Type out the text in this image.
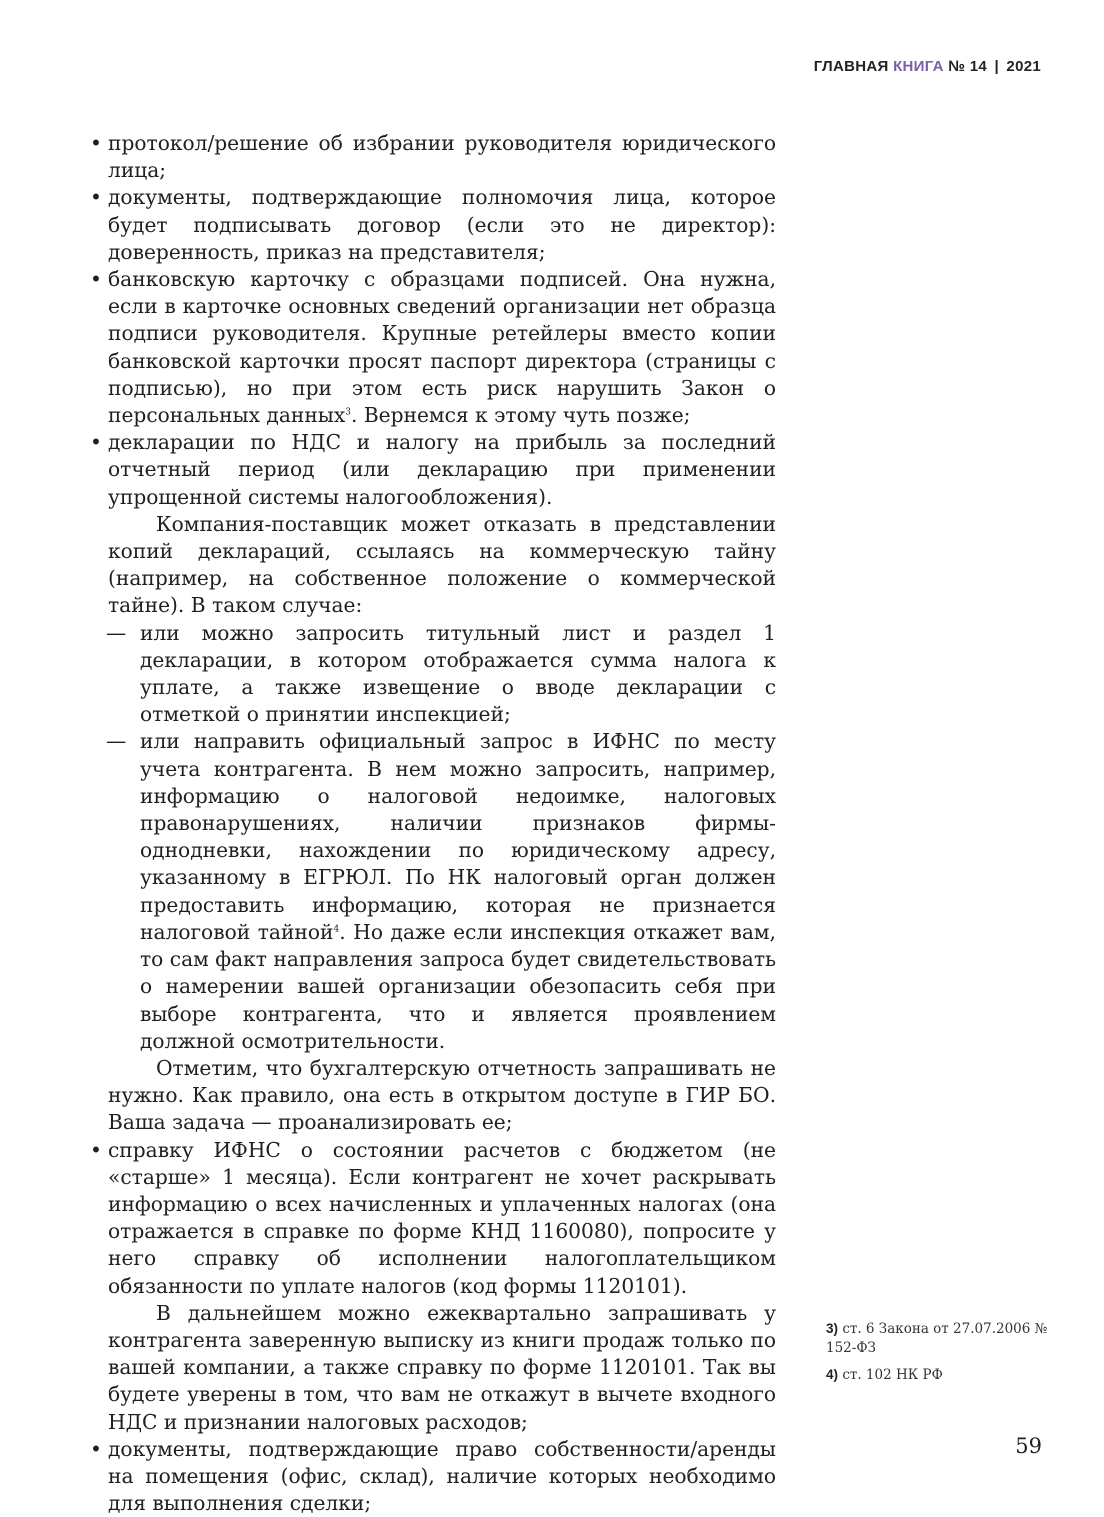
ГЛАВНАЯ КНИГА № 14 | 2021

• протокол/решение об избрании руководителя юридического лица;

• документы, подтверждающие полномочия лица, которое будет подписывать договор (если это не директор): доверенность, приказ на представителя;

• банковскую карточку с образцами подписей. Она нужна, если в карточке основных сведений организации нет образца подписи руководителя. Крупные ретейлеры вместо копии банковской карточки просят паспорт директора (страницы с подписью), но при этом есть риск нарушить Закон о персональных данных$^3$. Вернемся к этому чуть позже;

• декларации по НДС и налогу на прибыль за последний отчетный период (или декларацию при применении упрощенной системы налогообложения).

Компания-поставщик может отказать в представлении копий деклараций, ссылаясь на коммерческую тайну (например, на собственное положение о коммерческой тайне). В таком случае:

— или можно запросить титульный лист и раздел 1 декларации, в котором отображается сумма налога к уплате, а также извещение о вводе декларации с отметкой о принятии инспекцией;

— или направить официальный запрос в ИФНС по месту учета контрагента. В нем можно запросить, например, информацию о налоговой недоимке, налоговых правонарушениях, наличии признаков фирмы-однодневки, нахождении по юридическому адресу, указанному в ЕГРЮЛ. По НК налоговый орган должен предоставить информацию, которая не признается налоговой тайной$^4$. Но даже если инспекция откажет вам, то сам факт направления запроса будет свидетельствовать о намерении вашей организации обезопасить себя при выборе контрагента, что и является проявлением должной осмотрительности.

Отметим, что бухгалтерскую отчетность запрашивать не нужно. Как правило, она есть в открытом доступе в ГИР БО. Ваша задача — проанализировать ее;

• справку ИФНС о состоянии расчетов с бюджетом (не «старше» 1 месяца). Если контрагент не хочет раскрывать информацию о всех начисленных и уплаченных налогах (она отражается в справке по форме КНД 1160080), попросите у него справку об исполнении налогоплательщиком обязанности по уплате налогов (код формы 1120101).

В дальнейшем можно ежеквартально запрашивать у контрагента заверенную выписку из книги продаж только по вашей компании, а также справку по форме 1120101. Так вы будете уверены в том, что вам не откажут в вычете входного НДС и признании налоговых расходов;

• документы, подтверждающие право собственности/аренды на помещения (офис, склад), наличие которых необходимо для выполнения сделки;

3) ст. 6 Закона от 27.07.2006 № 152-ФЗ
4) ст. 102 НК РФ
59
